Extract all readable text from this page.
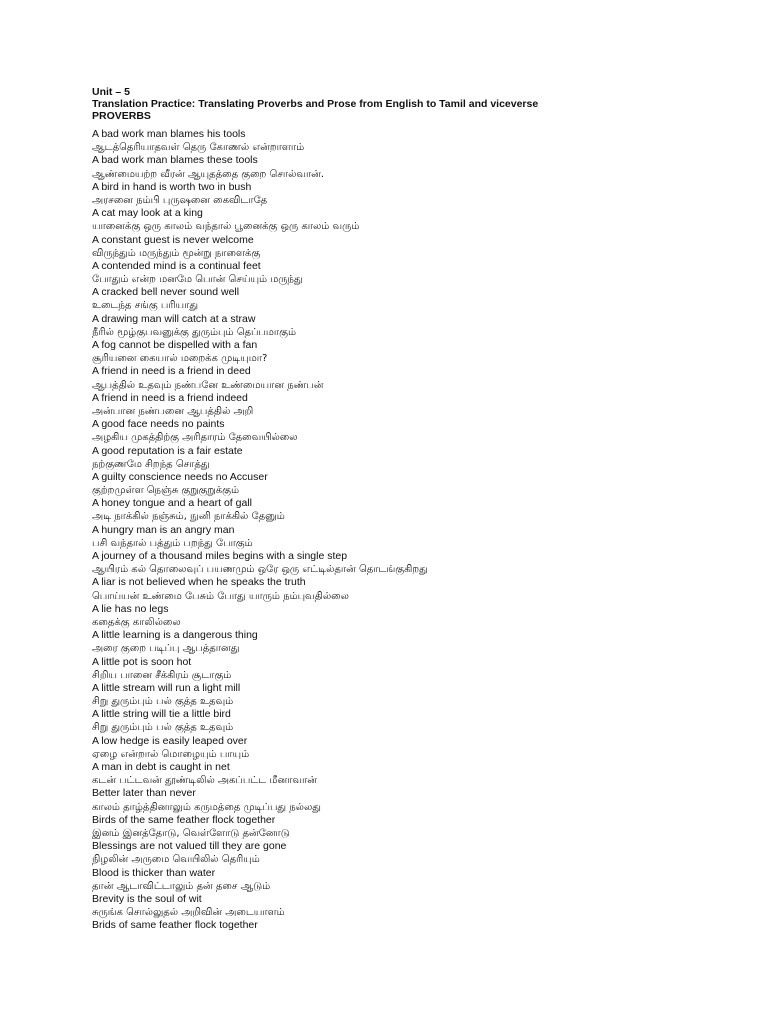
Unit – 5

Translation Practice: Translating Proverbs and Prose from English to Tamil and viceverse

PROVERBS

A bad work man blames his tools
ஆடத்தெரியாதவள் தெரு கோணல் என்றாளாம்
A bad work man blames these tools
ஆண்மையற்ற வீரன் ஆயுதத்தை குறை சொல்வான்.
A bird in hand is worth two in bush
அரசனை நம்பி புருஷனை கைவிடாதே
A cat may look at a king
யானைக்கு ஒரு காலம் வந்தால் பூனைக்கு ஒரு காலம் வரும்
A constant guest is never welcome
விருந்தும் மருந்தும் மூன்று நாளைக்கு
A contended mind is a continual feet
போதும் என்ற மனமே பொன் செய்யும் மருந்து
A cracked bell never sound well
உடைந்த சங்கு பரியாது
A drawing man will catch at a straw
நீரில் மூழ்குபவனுக்கு துரும்பும் தெப்பமாகும்
A fog cannot be dispelled with a fan
சூரியனை கையால் மறைக்க முடியுமா?
A friend in need is a friend in deed
ஆபத்தில் உதவும் நண்பனே உண்மையான நண்பன்
A friend in need is a friend indeed
அன்பான நண்பனை ஆபத்தில் அறி
A good face needs no paints
அழகிய முகத்திற்கு அரிதாரம் தேவையில்லை
A good reputation is a fair estate
நற்குணமே சிறந்த சொத்து
A guilty conscience needs no Accuser
குற்றமுள்ள நெஞ்சு குறுகுறுக்கும்
A honey tongue and a heart of gall
அடி நாக்கில் நஞ்சும், நுனி நாக்கில் தேனும்
A hungry man is an angry man
பசி வந்தால் பத்தும் பறந்து போகும்
A journey of a thousand miles begins with a single step
ஆயிரம் கல் தொலைவுப் பயணமும் ஒரே ஒரு எட்டில்தான் தொடங்குகிறது
A liar is not believed when he speaks the truth
பொய்யன் உண்மை பேசும் போது யாரும் நம்புவதில்லை
A lie has no legs
கதைக்கு காலில்லை
A little learning is a dangerous thing
அரை குறை படிப்பு ஆபத்தானது
A little pot is soon hot
சிறிய பானை சீக்கிரம் சூடாகும்
A little stream will run a light mill
சிறு துரும்பும் பல் குத்த உதவும்
A little string will tie a little bird
சிறு துரும்பும் பல் குத்த உதவும்
A low hedge is easily leaped over
ஏழை என்றால் மொழையும் பாயும்
A man in debt is caught in net
கடன் பட்டவன் தூண்டிலில் அகப்பட்ட மீனாவான்
Better later than never
காலம் தாழ்த்தினாலும் கருமத்தை முடிப்பது நல்லது
Birds of the same feather flock together
இனம் இனத்தோடு, வெள்ளோடு தன்னோடு
Blessings are not valued till they are gone
நிழலின் அருமை வெயிலில் தெரியும்
Blood is thicker than water
தான் ஆடாவிட்டாலும் தன் தசை ஆடும்
Brevity is the soul of wit
சுருங்க சொல்லுதல் அறிவின் அடையாளம்
Brids of same feather flock together
